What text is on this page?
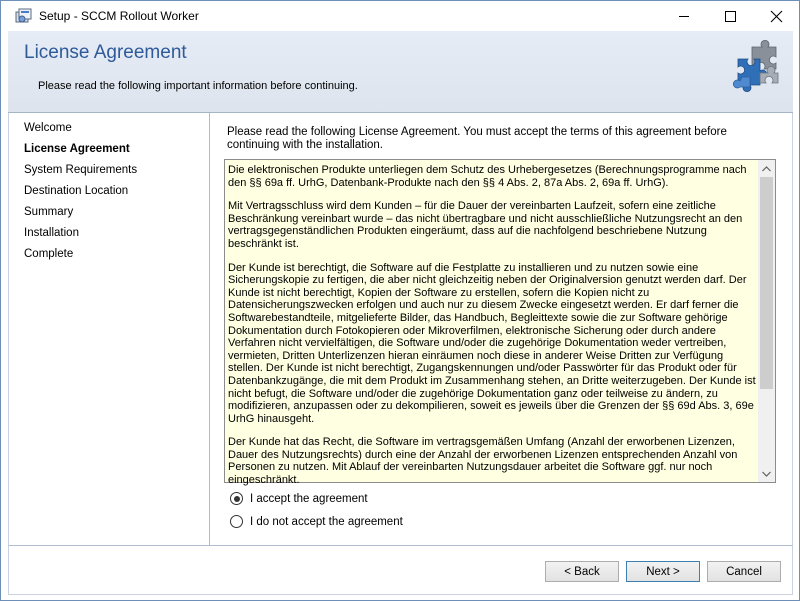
Setup - SCCM Rollout Worker
License Agreement
Please read the following important information before continuing.
Welcome
License Agreement
System Requirements
Destination Location
Summary
Installation
Complete
Please read the following License Agreement. You must accept the terms of this agreement before continuing with the installation.

Die elektronischen Produkte unterliegen dem Schutz des Urhebergesetzes (Berechnungsprogramme nach den §§ 69a ff. UrhG, Datenbank-Produkte nach den §§ 4 Abs. 2, 87a Abs. 2, 69a ff. UrhG).

Mit Vertragsschluss wird dem Kunden – für die Dauer der vereinbarten Laufzeit, sofern eine zeitliche Beschränkung vereinbart wurde – das nicht übertragbare und nicht ausschließliche Nutzungsrecht an den vertragsgegenständlichen Produkten eingeräumt, dass auf die nachfolgend beschriebene Nutzung beschränkt ist.

Der Kunde ist berechtigt, die Software auf die Festplatte zu installieren und zu nutzen sowie eine Sicherungskopie zu fertigen, die aber nicht gleichzeitig neben der Originalversion genutzt werden darf. Der Kunde ist nicht berechtigt, Kopien der Software zu erstellen, sofern die Kopien nicht zu Datensicherungszwecken erfolgen und auch nur zu diesem Zwecke eingesetzt werden. Er darf ferner die Softwarebestandteile, mitgelieferte Bilder, das Handbuch, Begleittexte sowie die zur Software gehörige Dokumentation durch Fotokopieren oder Mikroverfilmen, elektronische Sicherung oder durch andere Verfahren nicht vervielfältigen, die Software und/oder die zugehörige Dokumentation weder vertreiben, vermieten, Dritten Unterlizenzen hieran einräumen noch diese in anderer Weise Dritten zur Verfügung stellen. Der Kunde ist nicht berechtigt, Zugangskennungen und/oder Passwörter für das Produkt oder für Datenbankzugänge, die mit dem Produkt im Zusammenhang stehen, an Dritte weiterzugeben. Der Kunde ist nicht befugt, die Software und/oder die zugehörige Dokumentation ganz oder teilweise zu ändern, zu modifizieren, anzupassen oder zu dekompilieren, soweit es jeweils über die Grenzen der §§ 69d Abs. 3, 69e UrhG hinausgeht.

Der Kunde hat das Recht, die Software im vertragsgemäßen Umfang (Anzahl der erworbenen Lizenzen, Dauer des Nutzungsrechts) durch eine der Anzahl der erworbenen Lizenzen entsprechenden Anzahl von Personen zu nutzen. Mit Ablauf der vereinbarten Nutzungsdauer arbeitet die Software ggf. nur noch eingeschränkt.

I accept the agreement
I do not accept the agreement
< Back	Next >	Cancel
